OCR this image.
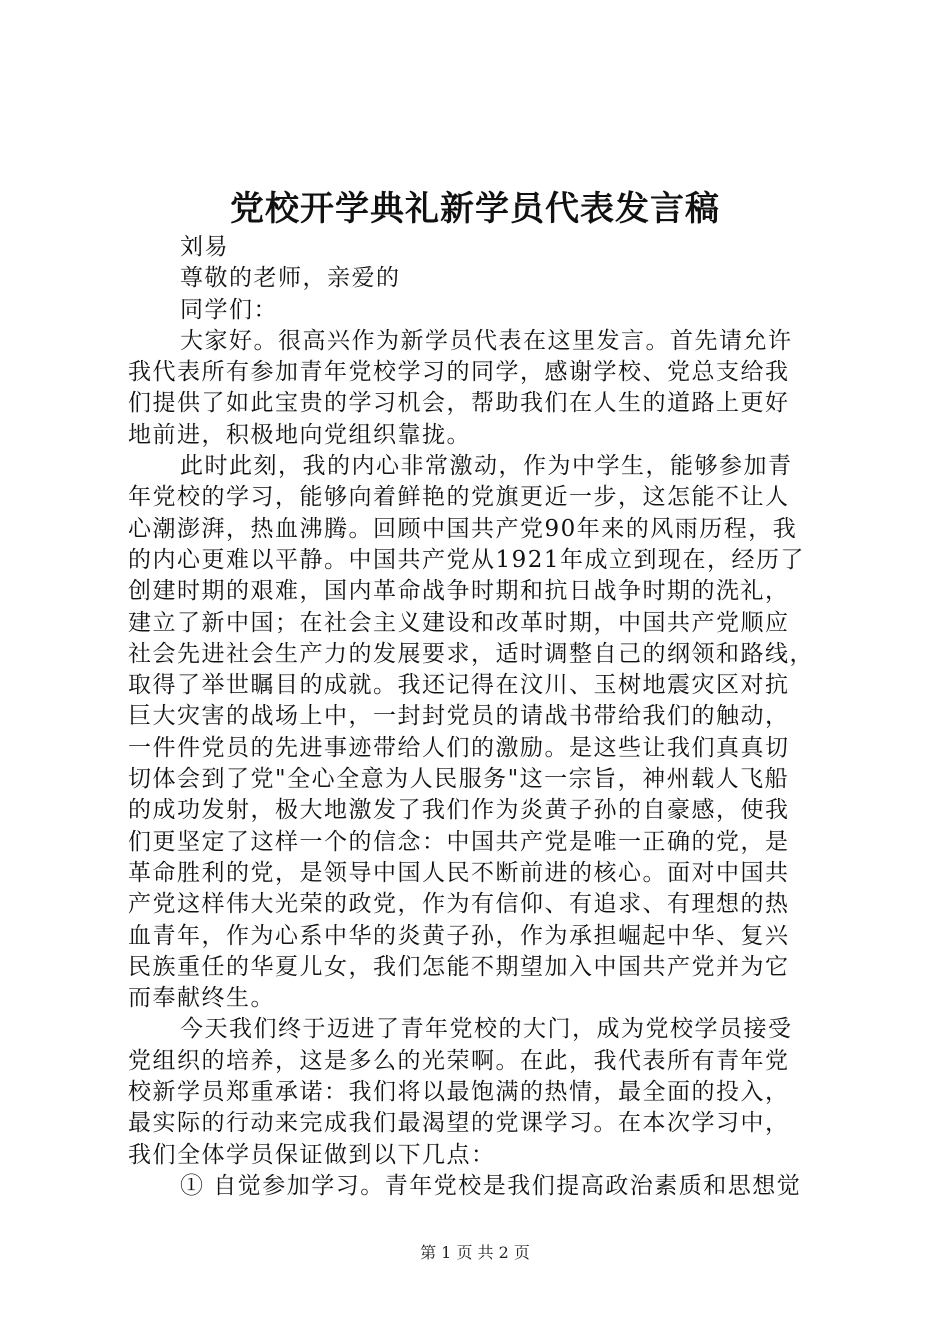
党校开学典礼新学员代表发言稿
刘易
尊敬的老师，亲爱的
同学们：
大家好。很高兴作为新学员代表在这里发言。首先请允许
我代表所有参加青年党校学习的同学，感谢学校、党总支给我
们提供了如此宝贵的学习机会，帮助我们在人生的道路上更好
地前进，积极地向党组织靠拢。
此时此刻，我的内心非常激动，作为中学生，能够参加青
年党校的学习，能够向着鲜艳的党旗更近一步，这怎能不让人
心潮澎湃，热血沸腾。回顾中国共产党90年来的风雨历程，我
的内心更难以平静。中国共产党从1921年成立到现在，经历了
创建时期的艰难，国内革命战争时期和抗日战争时期的洗礼，
建立了新中国；在社会主义建设和改革时期，中国共产党顺应
社会先进社会生产力的发展要求，适时调整自己的纲领和路线，
取得了举世瞩目的成就。我还记得在汶川、玉树地震灾区对抗
巨大灾害的战场上中，一封封党员的请战书带给我们的触动，
一件件党员的先进事迹带给人们的激励。是这些让我们真真切
切体会到了党"全心全意为人民服务"这一宗旨，神州载人飞船
的成功发射，极大地激发了我们作为炎黄子孙的自豪感，使我
们更坚定了这样一个的信念：中国共产党是唯一正确的党，是
革命胜利的党，是领导中国人民不断前进的核心。面对中国共
产党这样伟大光荣的政党，作为有信仰、有追求、有理想的热
血青年，作为心系中华的炎黄子孙，作为承担崛起中华、复兴
民族重任的华夏儿女，我们怎能不期望加入中国共产党并为它
而奉献终生。
今天我们终于迈进了青年党校的大门，成为党校学员接受
党组织的培养，这是多么的光荣啊。在此，我代表所有青年党
校新学员郑重承诺：我们将以最饱满的热情，最全面的投入，
最实际的行动来完成我们最渴望的党课学习。在本次学习中，
我们全体学员保证做到以下几点：
① 自觉参加学习。青年党校是我们提高政治素质和思想觉
第 1 页 共 2 页
